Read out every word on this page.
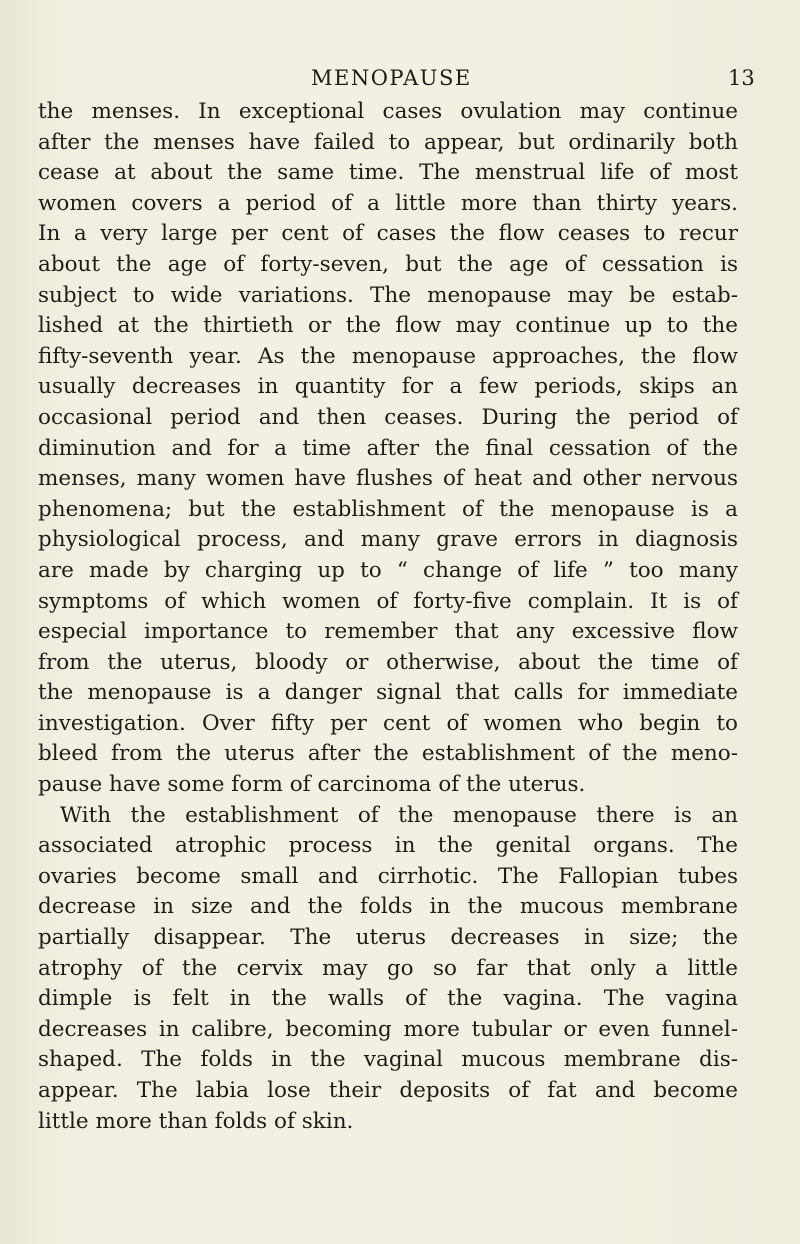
MENOPAUSE	13
the menses. In exceptional cases ovulation may continue
after the menses have failed to appear, but ordinarily both
cease at about the same time. The menstrual life of most
women covers a period of a little more than thirty years.
In a very large per cent of cases the flow ceases to recur
about the age of forty-seven, but the age of cessation is
subject to wide variations. The menopause may be estab-
lished at the thirtieth or the flow may continue up to the
fifty-seventh year. As the menopause approaches, the flow
usually decreases in quantity for a few periods, skips an
occasional period and then ceases. During the period of
diminution and for a time after the final cessation of the
menses, many women have flushes of heat and other nervous
phenomena; but the establishment of the menopause is a
physiological process, and many grave errors in diagnosis
are made by charging up to “ change of life ” too many
symptoms of which women of forty-five complain. It is of
especial importance to remember that any excessive flow
from the uterus, bloody or otherwise, about the time of
the menopause is a danger signal that calls for immediate
investigation. Over fifty per cent of women who begin to
bleed from the uterus after the establishment of the meno-
pause have some form of carcinoma of the uterus.
With the establishment of the menopause there is an
associated atrophic process in the genital organs. The
ovaries become small and cirrhotic. The Fallopian tubes
decrease in size and the folds in the mucous membrane
partially disappear. The uterus decreases in size; the
atrophy of the cervix may go so far that only a little
dimple is felt in the walls of the vagina. The vagina
decreases in calibre, becoming more tubular or even funnel-
shaped. The folds in the vaginal mucous membrane dis-
appear. The labia lose their deposits of fat and become
little more than folds of skin.
